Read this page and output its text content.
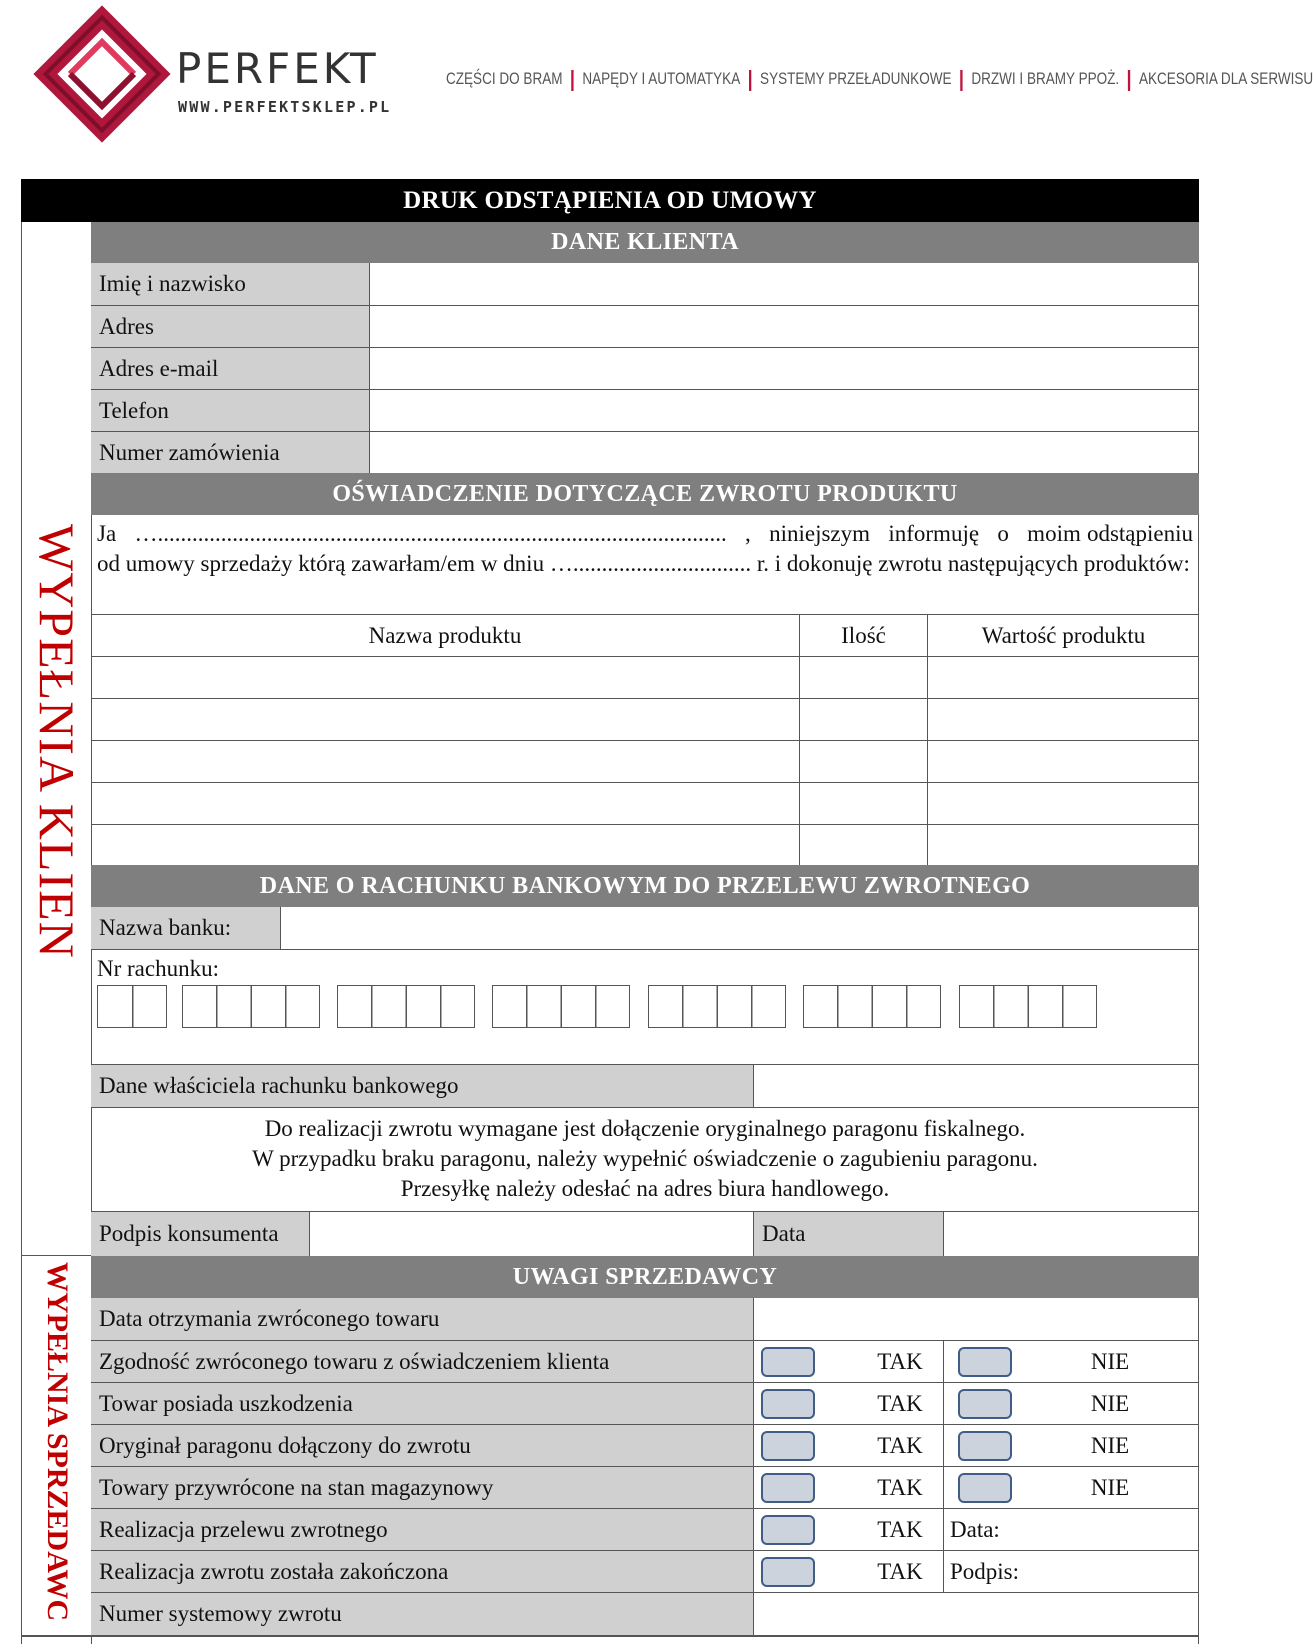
PERFEKT
WWW.PERFEKTSKLEP.PL
CZĘŚCI DO BRAM | NAPĘDY I AUTOMATYKA | SYSTEMY PRZEŁADUNKOWE | DRZWI I BRAMY PPOŻ. | AKCESORIA DLA SERWISU
WYPEŁNIA KLIEN
WYPEŁNIA SPRZEDAWC
DRUK ODSTĄPIENIA OD UMOWY
DANE KLIENTA
Imię i nazwisko
Adres
Adres e-mail
Telefon
Numer zamówienia
OŚWIADCZENIE DOTYCZĄCE ZWROTU PRODUKTU
Ja   …...................................................................................................   ,   niniejszym   informuję   o   moim odstąpieniu od umowy sprzedaży którą zawarłam/em w dniu …............................... r. i dokonuję zwrotu następujących produktów:
Nazwa produktu	Ilość	Wartość produktu
DANE O RACHUNKU BANKOWYM DO PRZELEWU ZWROTNEGO
Nazwa banku:
Nr rachunku:
Dane właściciela rachunku bankowego
Do realizacji zwrotu wymagane jest dołączenie oryginalnego paragonu fiskalnego.
W przypadku braku paragonu, należy wypełnić oświadczenie o zagubieniu paragonu.
Przesyłkę należy odesłać na adres biura handlowego.
Podpis konsumenta	Data
UWAGI SPRZEDAWCY
Data otrzymania zwróconego towaru
Zgodność zwróconego towaru z oświadczeniem klienta	TAK	NIE
Towar posiada uszkodzenia	TAK	NIE
Oryginał paragonu dołączony do zwrotu	TAK	NIE
Towary przywrócone na stan magazynowy	TAK	NIE
Realizacja przelewu zwrotnego	TAK	Data:
Realizacja zwrotu została zakończona	TAK	Podpis:
Numer systemowy zwrotu
